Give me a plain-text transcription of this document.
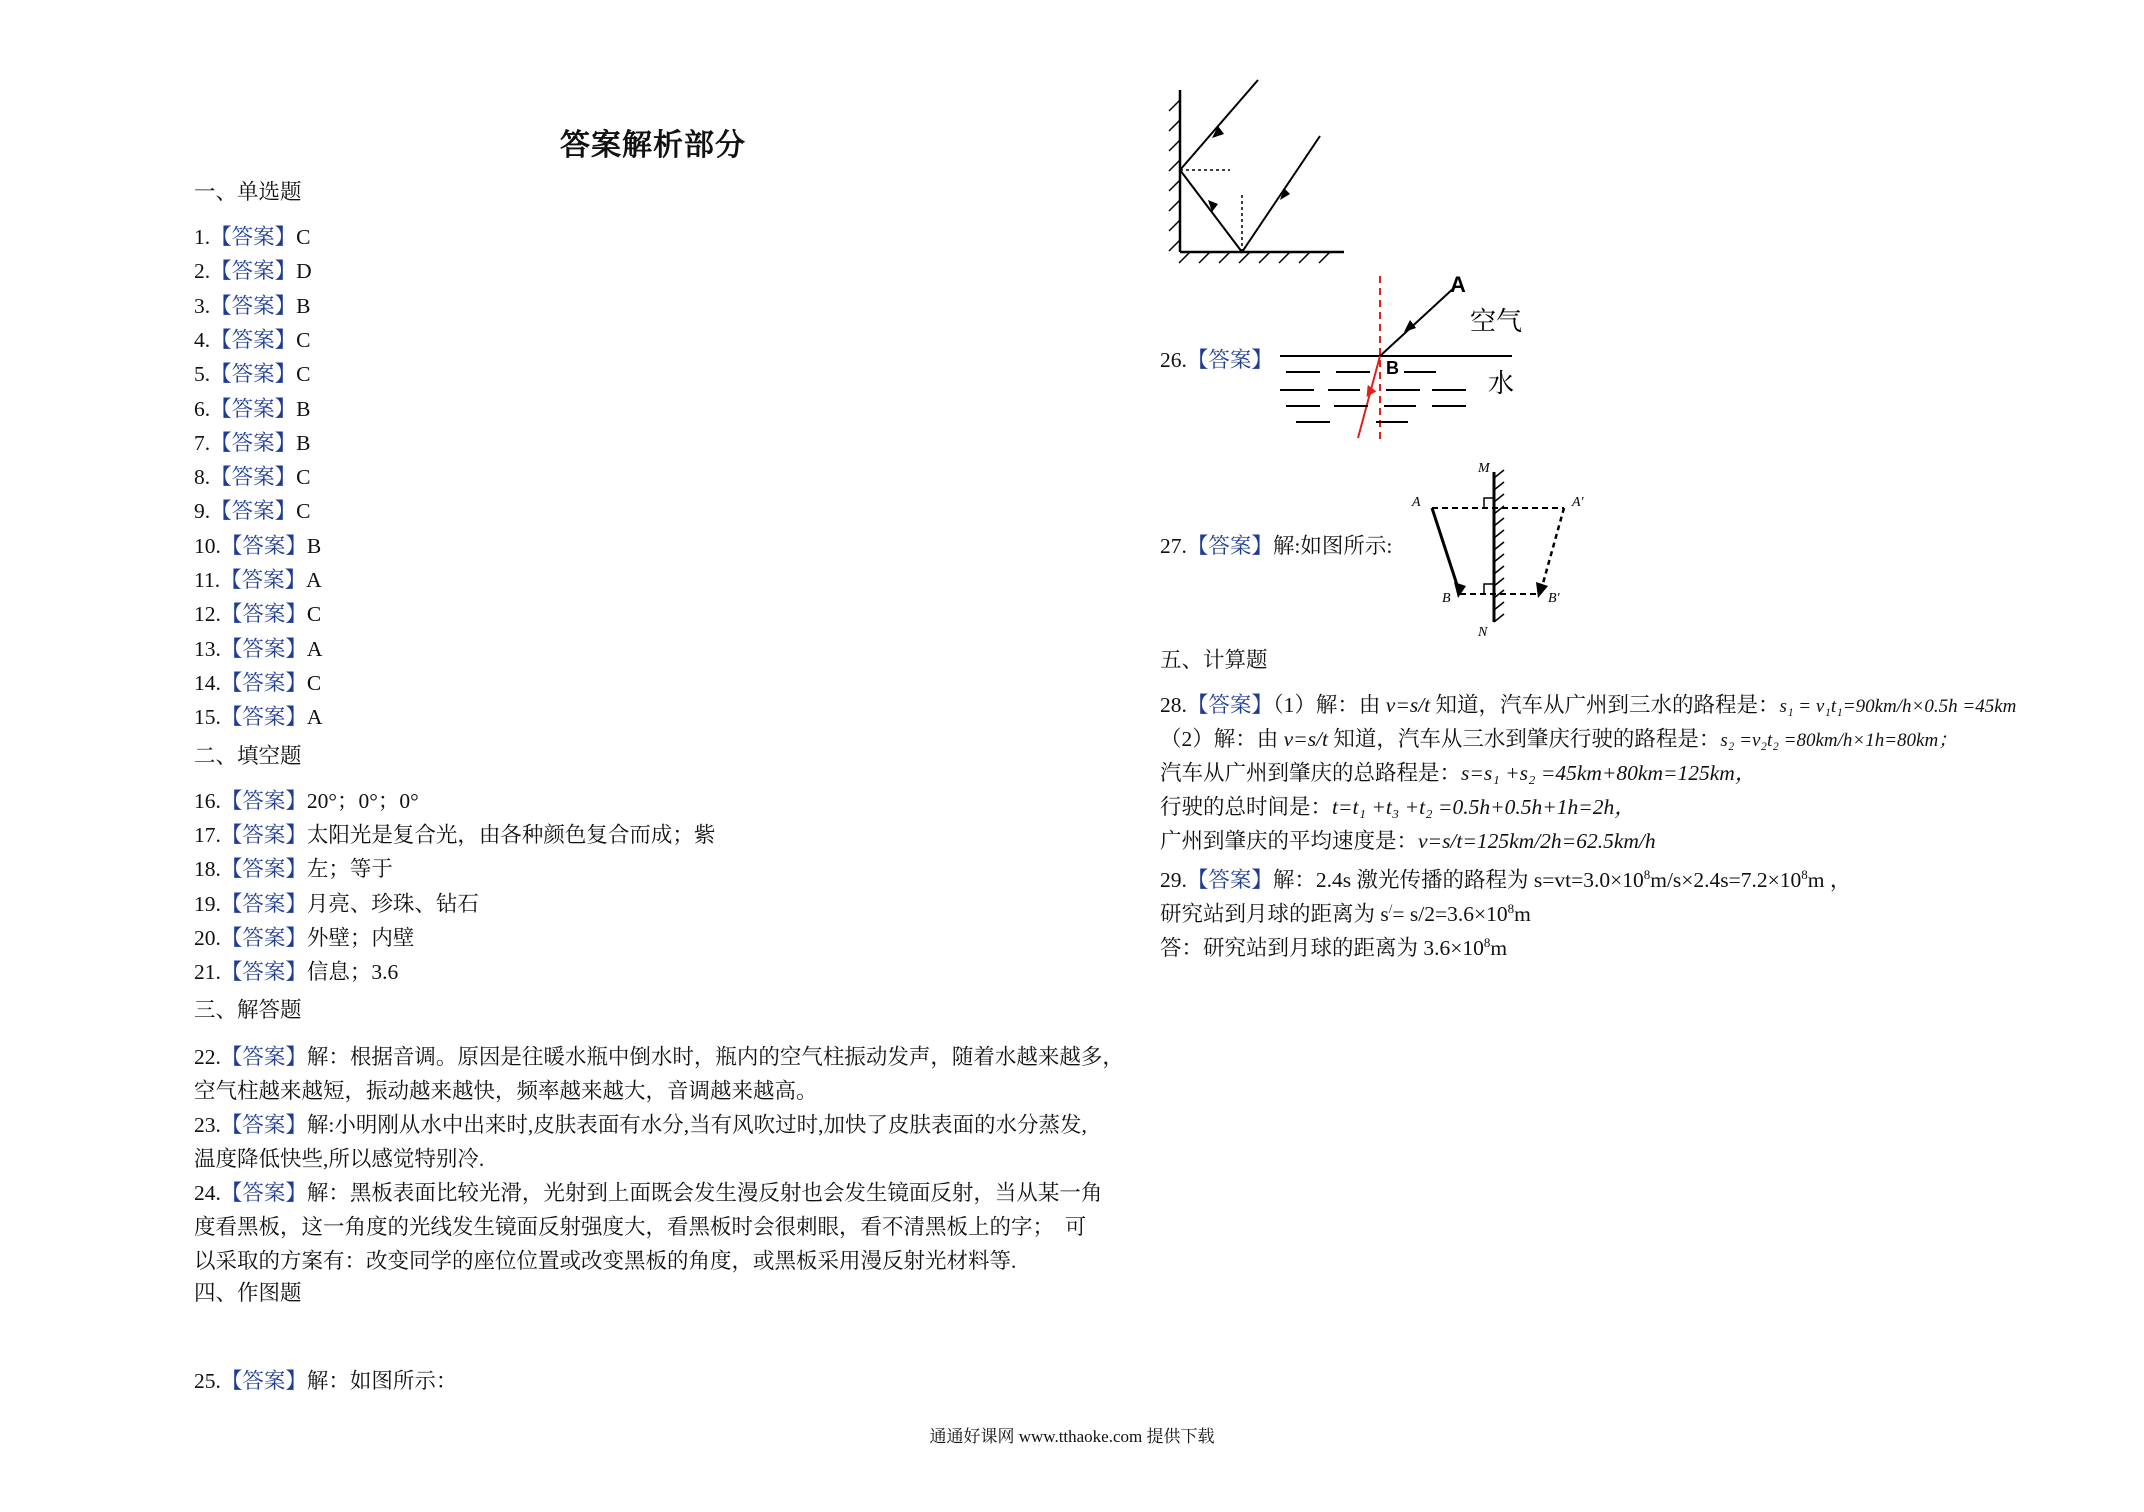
答案解析部分
一、单选题
1.【答案】C
2.【答案】D
3.【答案】B
4.【答案】C
5.【答案】C
6.【答案】B
7.【答案】B
8.【答案】C
9.【答案】C
10.【答案】B
11.【答案】A
12.【答案】C
13.【答案】A
14.【答案】C
15.【答案】A
二、填空题
16.【答案】20°；0°；0°
17.【答案】太阳光是复合光，由各种颜色复合而成；紫
18.【答案】左；等于
19.【答案】月亮、珍珠、钻石
20.【答案】外壁；内壁
21.【答案】信息；3.6
三、解答题
22.【答案】解：根据音调。原因是往暖水瓶中倒水时，瓶内的空气柱振动发声，随着水越来越多，
空气柱越来越短，振动越来越快，频率越来越大，音调越来越高。
23.【答案】解:小明刚从水中出来时,皮肤表面有水分,当有风吹过时,加快了皮肤表面的水分蒸发,
温度降低快些,所以感觉特别冷.
24.【答案】解：黑板表面比较光滑，光射到上面既会发生漫反射也会发生镜面反射，当从某一角
度看黑板，这一角度的光线发生镜面反射强度大，看黑板时会很刺眼，看不清黑板上的字；　可
以采取的方案有：改变同学的座位位置或改变黑板的角度，或黑板采用漫反射光材料等.
四、作图题
25.【答案】解：如图所示：
26.【答案】
A
B
空气
水
27.【答案】解:如图所示:
M
N
A
B
A'
B'
五、计算题
28.【答案】（1）解：由 v=s/t 知道，汽车从广州到三水的路程是：s₁ = v₁t₁=90km/h×0.5h =45km
（2）解：由 v=s/t 知道，汽车从三水到肇庆行驶的路程是：s₂ =v₂t₂ =80km/h×1h=80km；
汽车从广州到肇庆的总路程是：s=s₁ +s₂ =45km+80km=125km，
行驶的总时间是：t=t₁ +t₃ +t₂ =0.5h+0.5h+1h=2h，
广州到肇庆的平均速度是：v=s/t=125km/2h=62.5km/h
29.【答案】解：2.4s 激光传播的路程为 $s=vt=3.0\times 10^8m/s\times 2.4s=7.2\times 10^8m$ ，
研究站到月球的距离为 $s^/= s/2=3.6\times 10^8m$
答：研究站到月球的距离为 $3.6\times 10^8m$
通通好课网 www.tthaoke.com 提供下载
